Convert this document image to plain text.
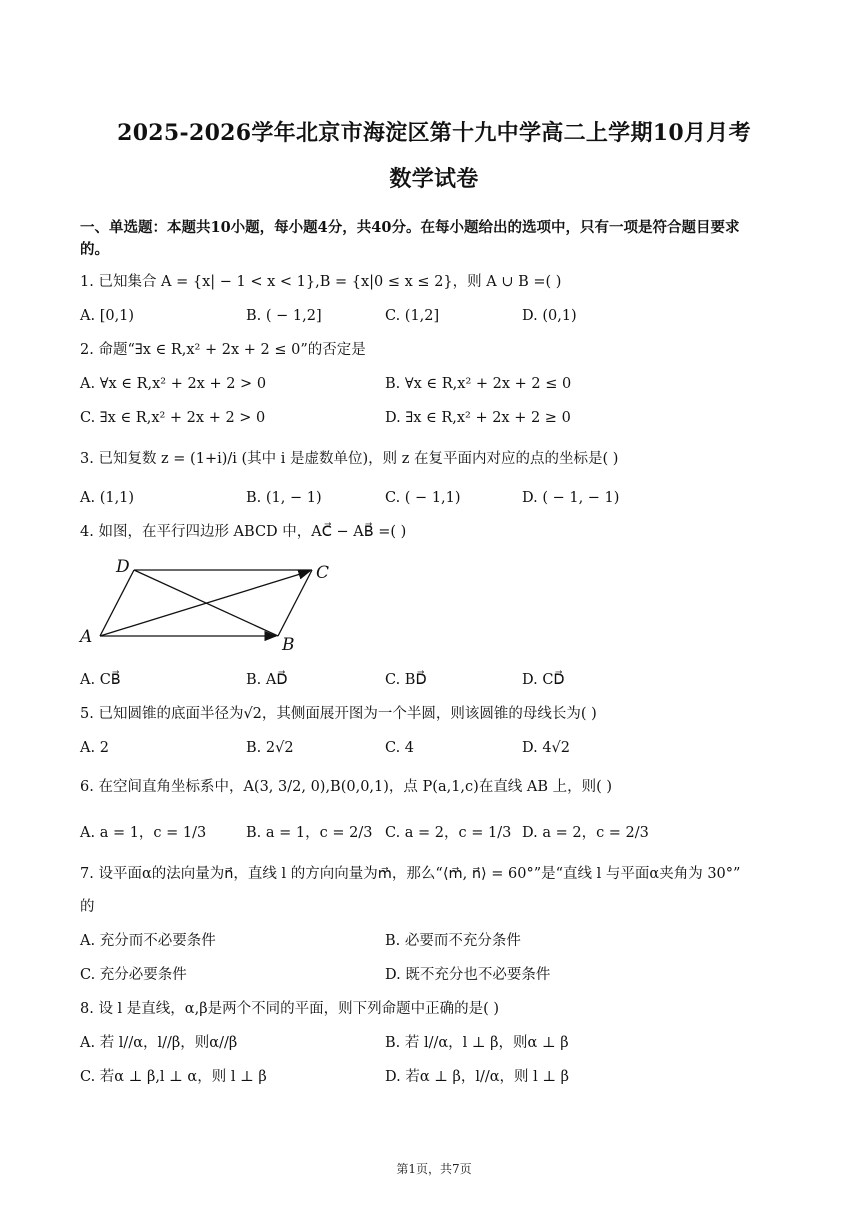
2025-2026学年北京市海淀区第十九中学高二上学期10月月考
数学试卷
一、单选题：本题共10小题，每小题4分，共40分。在每小题给出的选项中，只有一项是符合题目要求
的。
1. 已知集合 A = {x| − 1 < x < 1},B = {x|0 ≤ x ≤ 2}，则 A ∪ B =( )
A. [0,1)	B. ( − 1,2]	C. (1,2]	D. (0,1)
2. 命题“∃x ∈ R,x² + 2x + 2 ≤ 0”的否定是
A. ∀x ∈ R,x² + 2x + 2 > 0	B. ∀x ∈ R,x² + 2x + 2 ≤ 0
C. ∃x ∈ R,x² + 2x + 2 > 0	D. ∃x ∈ R,x² + 2x + 2 ≥ 0
3. 已知复数 z = (1+i)/i (其中 i 是虚数单位)，则 z 在复平面内对应的点的坐标是( )
A. (1,1)	B. (1, − 1)	C. ( − 1,1)	D. ( − 1, − 1)
4. 如图，在平行四边形 ABCD 中，AC⃗ − AB⃗ =( )
A	B
C
D
A. CB⃗	B. AD⃗	C. BD⃗	D. CD⃗
5. 已知圆锥的底面半径为√2，其侧面展开图为一个半圆，则该圆锥的母线长为( )
A. 2	B. 2√2	C. 4	D. 4√2
6. 在空间直角坐标系中，A(3, 3/2, 0),B(0,0,1)，点 P(a,1,c)在直线 AB 上，则( )
A. a = 1，c = 1/3	B. a = 1，c = 2/3 C. a = 2，c = 1/3 D. a = 2，c = 2/3
7. 设平面α的法向量为n⃗，直线 l 的方向向量为m⃗，那么“⟨m⃗, n⃗⟩ = 60°”是“直线 l 与平面α夹角为 30°”
的
A. 充分而不必要条件	B. 必要而不充分条件
C. 充分必要条件	D. 既不充分也不必要条件
8. 设 l 是直线，α,β是两个不同的平面，则下列命题中正确的是( )
A. 若 l//α，l//β，则α//β	B. 若 l//α，l ⊥ β，则α ⊥ β
C. 若α ⊥ β,l ⊥ α，则 l ⊥ β	D. 若α ⊥ β，l//α，则 l ⊥ β
第1页，共7页
